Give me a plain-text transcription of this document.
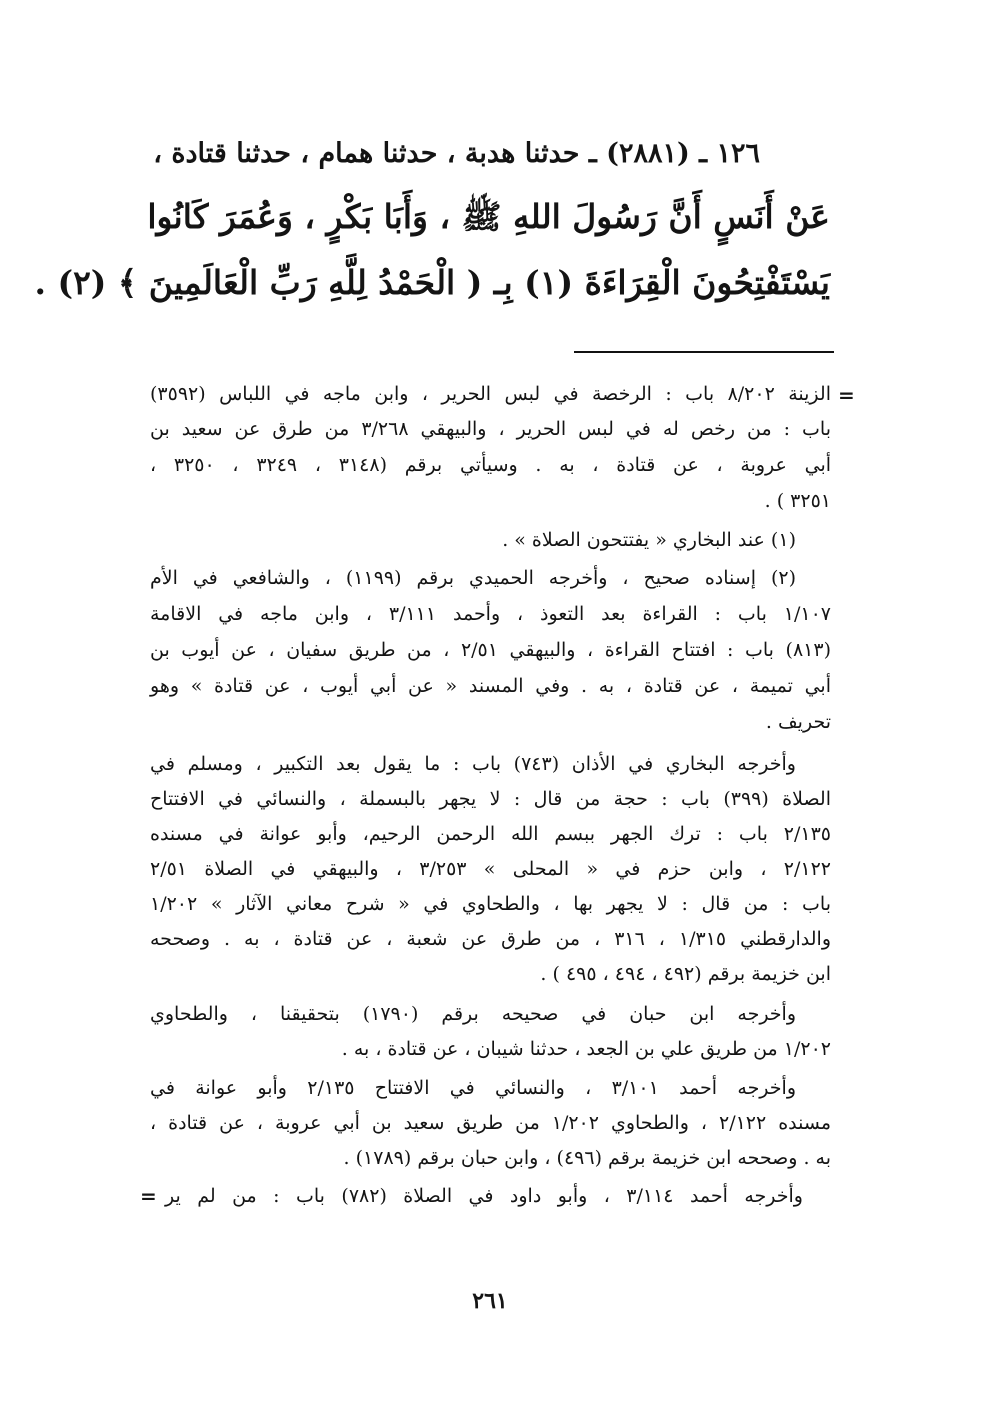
١٢٦ ـ (٢٨٨١) ـ حدثنا هدبة ، حدثنا همام ، حدثنا قتادة ،
عَنْ أَنَسٍ أَنَّ رَسُولَ اللهِ ﷺ ، وَأَبَا بَكْرٍ ، وَعُمَرَ كَانُوا
يَسْتَفْتِحُونَ الْقِرَاءَةَ (١) بِـ ( الْحَمْدُ لِلَّهِ رَبِّ الْعَالَمِينَ ﴾ (٢) .
=
الزينة ٨/٢٠٢ باب : الرخصة في لبس الحرير ، وابن ماجه في اللباس (٣٥٩٢)
باب : من رخص له في لبس الحرير ، والبيهقي ٣/٢٦٨ من طرق عن سعيد بن
أبي عروبة ، عن قتادة ، به . وسيأتي برقم (٣١٤٨ ، ٣٢٤٩ ، ٣٢٥٠ ،
٣٢٥١ ) .
(١) عند البخاري « يفتتحون الصلاة » .
(٢) إسناده صحيح ، وأخرجه الحميدي برقم (١١٩٩) ، والشافعي في الأم
١/١٠٧ باب : القراءة بعد التعوذ ، وأحمد ٣/١١١ ، وابن ماجه في الاقامة
(٨١٣) باب : افتتاح القراءة ، والبيهقي ٢/٥١ ، من طريق سفيان ، عن أيوب بن
أبي تميمة ، عن قتادة ، به . وفي المسند « عن أبي أيوب ، عن قتادة » وهو
تحريف .
وأخرجه البخاري في الأذان (٧٤٣) باب : ما يقول بعد التكبير ، ومسلم في
الصلاة (٣٩٩) باب : حجة من قال : لا يجهر بالبسملة ، والنسائي في الافتتاح
٢/١٣٥ باب : ترك الجهر ببسم الله الرحمن الرحيم، وأبو عوانة في مسنده
٢/١٢٢ ، وابن حزم في « المحلى » ٣/٢٥٣ ، والبيهقي في الصلاة ٢/٥١
باب : من قال : لا يجهر بها ، والطحاوي في « شرح معاني الآثار » ١/٢٠٢
والدارقطني ١/٣١٥ ، ٣١٦ ، من طرق عن شعبة ، عن قتادة ، به . وصححه
ابن خزيمة برقم (٤٩٢ ، ٤٩٤ ، ٤٩٥ ) .
وأخرجه ابن حبان في صحيحه برقم (١٧٩٠) بتحقيقنا ، والطحاوي
١/٢٠٢ من طريق علي بن الجعد ، حدثنا شيبان ، عن قتادة ، به .
وأخرجه أحمد ٣/١٠١ ، والنسائي في الافتتاح ٢/١٣٥ وأبو عوانة في
مسنده ٢/١٢٢ ، والطحاوي ١/٢٠٢ من طريق سعيد بن أبي عروبة ، عن قتادة ،
به . وصححه ابن خزيمة برقم (٤٩٦) ، وابن حبان برقم (١٧٨٩) .
وأخرجه أحمد ٣/١١٤ ، وأبو داود في الصلاة (٧٨٢) باب : من لم ير
=
٢٦١
